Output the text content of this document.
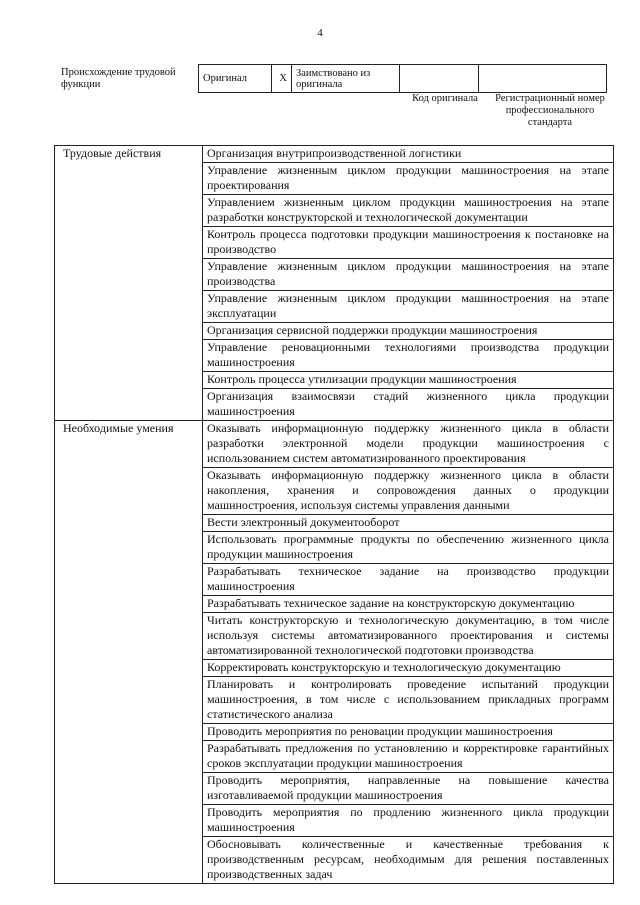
4
Происхождение трудовой функции
Оригинал	X	Заимствовано из оригинала		
Код оригинала	Регистрационный номер профессионального стандарта
Трудовые действия	Организация внутрипроизводственной логистики
	Управление жизненным циклом продукции машиностроения на этапе проектирования
	Управлением жизненным циклом продукции машиностроения на этапе разработки конструкторской и технологической документации
	Контроль процесса подготовки продукции машиностроения к постановке на производство
	Управление жизненным циклом продукции машиностроения на этапе производства
	Управление жизненным циклом продукции машиностроения на этапе эксплуатации
	Организация сервисной поддержки продукции машиностроения
	Управление реновационными технологиями производства продукции машиностроения
	Контроль процесса утилизации продукции машиностроения
	Организация взаимосвязи стадий жизненного цикла продукции машиностроения
Необходимые умения	Оказывать информационную поддержку жизненного цикла в области разработки электронной модели продукции машиностроения с использованием систем автоматизированного проектирования
	Оказывать информационную поддержку жизненного цикла в области накопления, хранения и сопровождения данных о продукции машиностроения, используя системы управления данными
	Вести электронный документооборот
	Использовать программные продукты по обеспечению жизненного цикла продукции машиностроения
	Разрабатывать техническое задание на производство продукции машиностроения
	Разрабатывать техническое задание на конструкторскую документацию
	Читать конструкторскую и технологическую документацию, в том числе используя системы автоматизированного проектирования и системы автоматизированной технологической подготовки производства
	Корректировать конструкторскую и технологическую документацию
	Планировать и контролировать проведение испытаний продукции машиностроения, в том числе с использованием прикладных программ статистического анализа
	Проводить мероприятия по реновации продукции машиностроения
	Разрабатывать предложения по установлению и корректировке гарантийных сроков эксплуатации продукции машиностроения
	Проводить мероприятия, направленные на повышение качества изготавливаемой продукции машиностроения
	Проводить мероприятия по продлению жизненного цикла продукции машиностроения
	Обосновывать количественные и качественные требования к производственным ресурсам, необходимым для решения поставленных производственных задач
